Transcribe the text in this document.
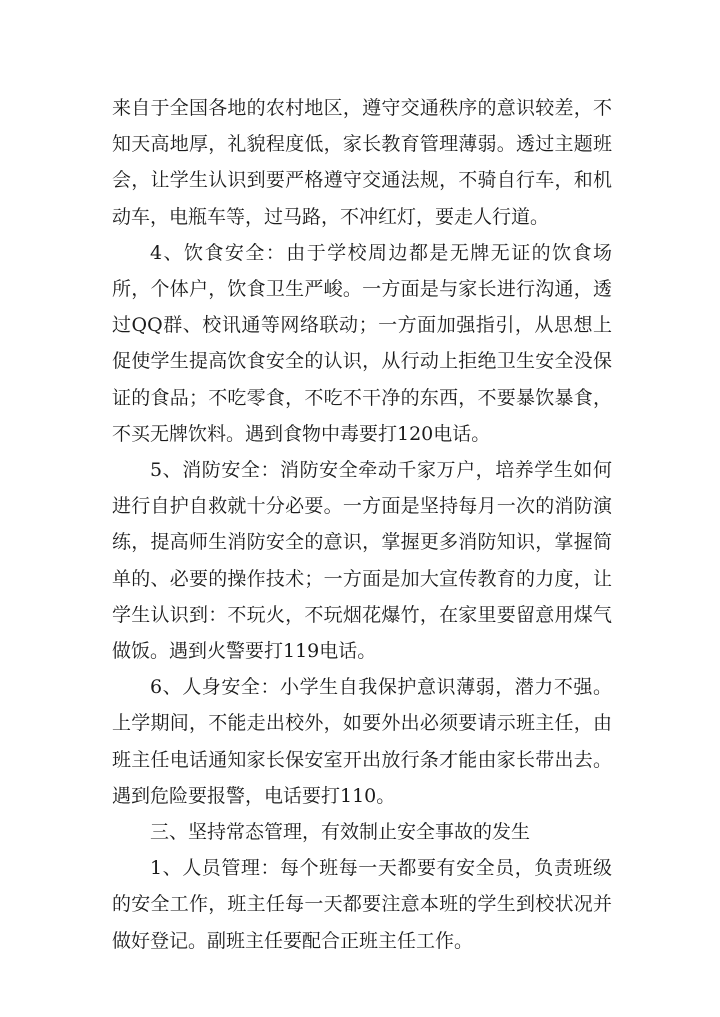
来自于全国各地的农村地区，遵守交通秩序的意识较差，不知天高地厚，礼貌程度低，家长教育管理薄弱。透过主题班会，让学生认识到要严格遵守交通法规，不骑自行车，和机动车，电瓶车等，过马路，不冲红灯，要走人行道。

4、饮食安全：由于学校周边都是无牌无证的饮食场所，个体户，饮食卫生严峻。一方面是与家长进行沟通，透过QQ群、校讯通等网络联动；一方面加强指引，从思想上促使学生提高饮食安全的认识，从行动上拒绝卫生安全没保证的食品；不吃零食，不吃不干净的东西，不要暴饮暴食，不买无牌饮料。遇到食物中毒要打120电话。

5、消防安全：消防安全牵动千家万户，培养学生如何进行自护自救就十分必要。一方面是坚持每月一次的消防演练，提高师生消防安全的意识，掌握更多消防知识，掌握简单的、必要的操作技术；一方面是加大宣传教育的力度，让学生认识到：不玩火，不玩烟花爆竹，在家里要留意用煤气做饭。遇到火警要打119电话。

6、人身安全：小学生自我保护意识薄弱，潜力不强。上学期间，不能走出校外，如要外出必须要请示班主任，由班主任电话通知家长保安室开出放行条才能由家长带出去。遇到危险要报警，电话要打110。

三、坚持常态管理，有效制止安全事故的发生

1、人员管理：每个班每一天都要有安全员，负责班级的安全工作，班主任每一天都要注意本班的学生到校状况并做好登记。副班主任要配合正班主任工作。
